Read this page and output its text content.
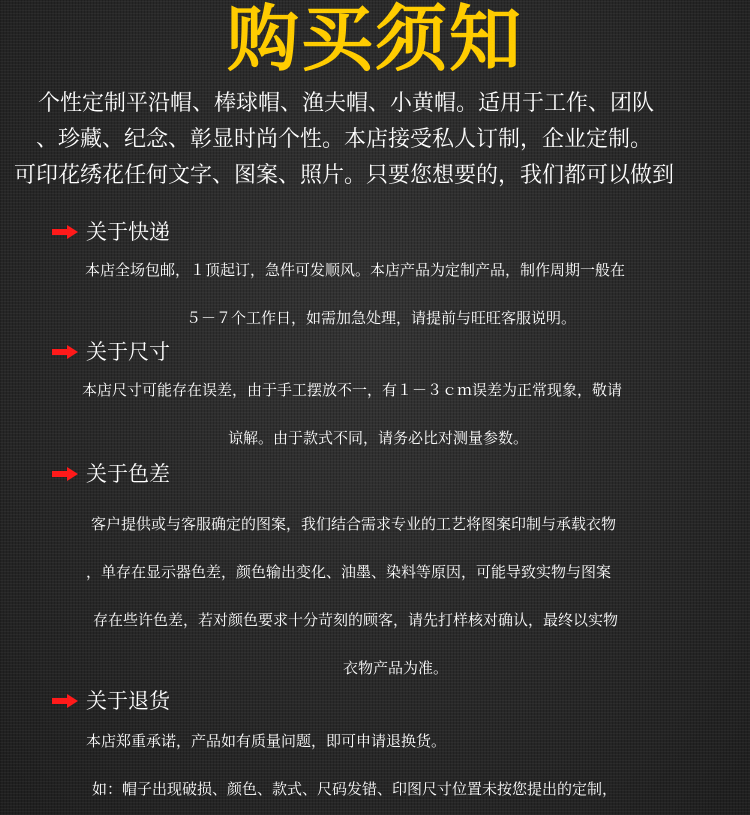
购买须知
个性定制平沿帽、棒球帽、渔夫帽、小黄帽。适用于工作、团队
、珍藏、纪念、彰显时尚个性。本店接受私人订制，企业定制。
可印花绣花任何文字、图案、照片。只要您想要的，我们都可以做到
关于快递
本店全场包邮，１顶起订，急件可发顺风。本店产品为定制产品，制作周期一般在
５－７个工作日，如需加急处理，请提前与旺旺客服说明。
关于尺寸
本店尺寸可能存在误差，由于手工摆放不一，有１－３ｃｍ误差为正常现象，敬请
谅解。由于款式不同，请务必比对测量参数。
关于色差
客户提供或与客服确定的图案，我们结合需求专业的工艺将图案印制与承载衣物
，单存在显示器色差，颜色输出变化、油墨、染料等原因，可能导致实物与图案
存在些许色差，若对颜色要求十分苛刻的顾客，请先打样核对确认，最终以实物
衣物产品为准。
关于退货
本店郑重承诺，产品如有质量问题，即可申请退换货。
如：帽子出现破损、颜色、款式、尺码发错、印图尺寸位置未按您提出的定制，
